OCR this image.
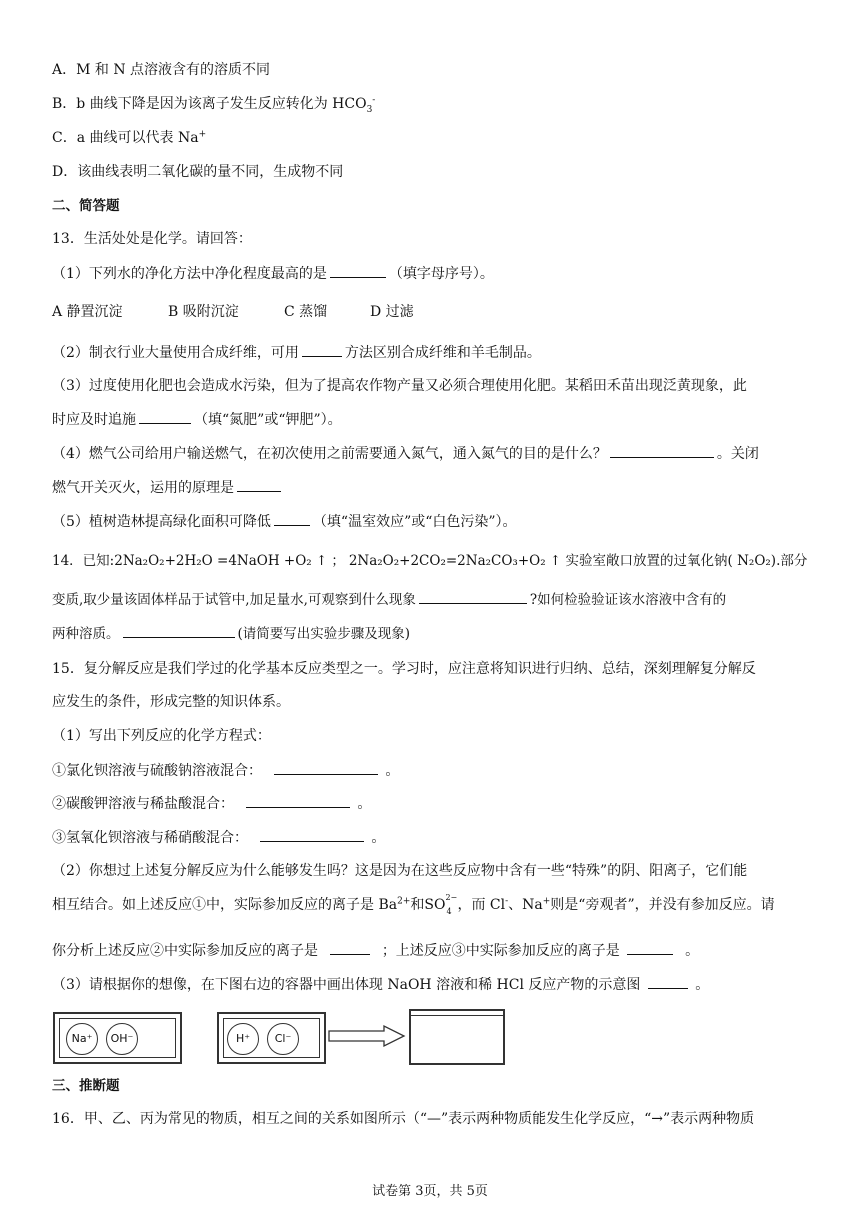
A．M 和 N 点溶液含有的溶质不同
B．b 曲线下降是因为该离子发生反应转化为 $HCO_3^-$
C．a 曲线可以代表 Na+
D．该曲线表明二氧化碳的量不同，生成物不同
二、简答题
13．生活处处是化学。请回答：
（1）下列水的净化方法中净化程度最高的是	（填字母序号）。
A 静置沉淀	B 吸附沉淀	C 蒸馏	D 过滤
（2）制衣行业大量使用合成纤维，可用	方法区别合成纤维和羊毛制品。
（3）过度使用化肥也会造成水污染，但为了提高农作物产量又必须合理使用化肥。某稻田禾苗出现泛黄现象，此
时应及时追施	（填“氮肥”或“钾肥”）。
（4）燃气公司给用户输送燃气，在初次使用之前需要通入氮气，通入氮气的目的是什么？	。关闭
燃气开关灭火，运用的原理是
（5）植树造林提高绿化面积可降低	（填“温室效应”或“白色污染”）。
14．已知:2Na₂O₂+2H₂O =4NaOH +O₂ ↑ ； 2Na₂O₂+2CO₂=2Na₂CO₃+O₂ ↑ 实验室敞口放置的过氧化钠( N₂O₂).部分
变质,取少量该固体样品于试管中,加足量水,可观察到什么现象	?如何检验验证该水溶液中含有的
两种溶质。	(请简要写出实验步骤及现象)
15．复分解反应是我们学过的化学基本反应类型之一。学习时，应注意将知识进行归纳、总结，深刻理解复分解反
应发生的条件，形成完整的知识体系。
（1）写出下列反应的化学方程式：
①氯化钡溶液与硫酸钠溶液混合：	。
②碳酸钾溶液与稀盐酸混合：	。
③氢氧化钡溶液与稀硝酸混合：	。
（2）你想过上述复分解反应为什么能够发生吗？这是因为在这些反应物中含有一些“特殊”的阴、阳离子，它们能
相互结合。如上述反应①中，实际参加反应的离子是 $Ba^{2+}$和SO 2−
4 ，而 Cl-、Na+则是“旁观者”，并没有参加反应。请
你分析上述反应②中实际参加反应的离子是	；上述反应③中实际参加反应的离子是	。
（3）请根据你的想像，在下图右边的容器中画出体现 NaOH 溶液和稀 HCl 反应产物的示意图	。
Na⁺	OH⁻	H⁺	Cl⁻
三、推断题
16．甲、乙、丙为常见的物质，相互之间的关系如图所示（“—”表示两种物质能发生化学反应，“→”表示两种物质
试卷第 3页，共 5页
